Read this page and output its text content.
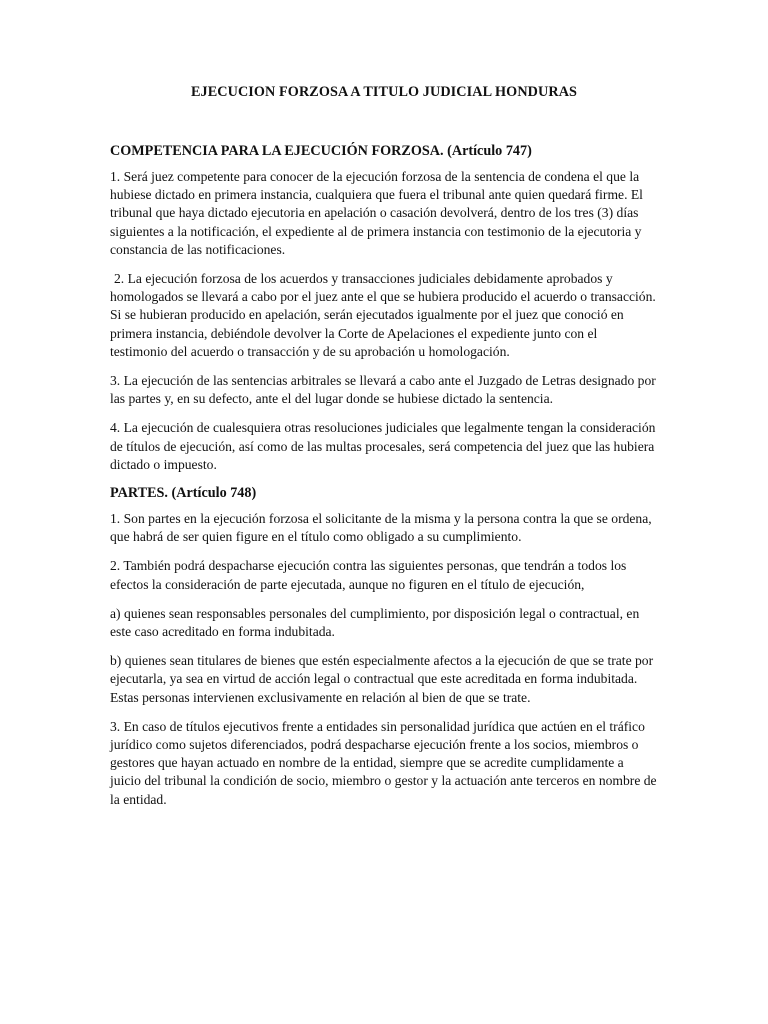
EJECUCION FORZOSA A TITULO JUDICIAL HONDURAS
COMPETENCIA PARA LA EJECUCIÓN FORZOSA. (Artículo 747)

1. Será juez competente para conocer de la ejecución forzosa de la sentencia de condena el que la hubiese dictado en primera instancia, cualquiera que fuera el tribunal ante quien quedará firme. El tribunal que haya dictado ejecutoria en apelación o casación devolverá, dentro de los tres (3) días siguientes a la notificación, el expediente al de primera instancia con testimonio de la ejecutoria y constancia de las notificaciones.

2. La ejecución forzosa de los acuerdos y transacciones judiciales debidamente aprobados y homologados se llevará a cabo por el juez ante el que se hubiera producido el acuerdo o transacción. Si se hubieran producido en apelación, serán ejecutados igualmente por el juez que conoció en primera instancia, debiéndole devolver la Corte de Apelaciones el expediente junto con el testimonio del acuerdo o transacción y de su aprobación u homologación.

3. La ejecución de las sentencias arbitrales se llevará a cabo ante el Juzgado de Letras designado por las partes y, en su defecto, ante el del lugar donde se hubiese dictado la sentencia.

4. La ejecución de cualesquiera otras resoluciones judiciales que legalmente tengan la consideración de títulos de ejecución, así como de las multas procesales, será competencia del juez que las hubiera dictado o impuesto.

PARTES. (Artículo 748)

1. Son partes en la ejecución forzosa el solicitante de la misma y la persona contra la que se ordena, que habrá de ser quien figure en el título como obligado a su cumplimiento.

2. También podrá despacharse ejecución contra las siguientes personas, que tendrán a todos los efectos la consideración de parte ejecutada, aunque no figuren en el título de ejecución,

a) quienes sean responsables personales del cumplimiento, por disposición legal o contractual, en este caso acreditado en forma indubitada.

b) quienes sean titulares de bienes que estén especialmente afectos a la ejecución de que se trate por ejecutarla, ya sea en virtud de acción legal o contractual que este acreditada en forma indubitada. Estas personas intervienen exclusivamente en relación al bien de que se trate.

3. En caso de títulos ejecutivos frente a entidades sin personalidad jurídica que actúen en el tráfico jurídico como sujetos diferenciados, podrá despacharse ejecución frente a los socios, miembros o gestores que hayan actuado en nombre de la entidad, siempre que se acredite cumplidamente a juicio del tribunal la condición de socio, miembro o gestor y la actuación ante terceros en nombre de la entidad.
